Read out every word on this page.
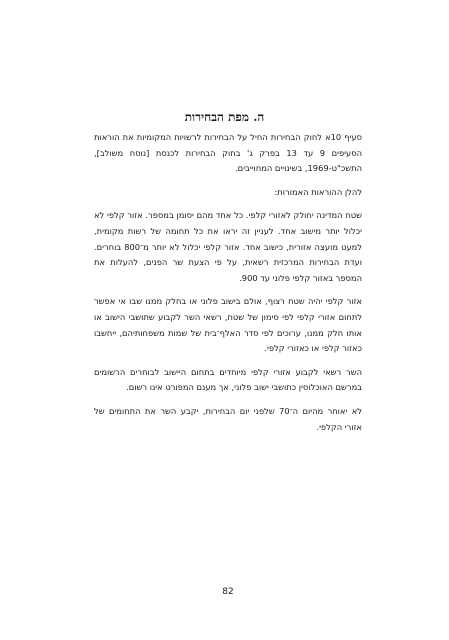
ה. מפת הבחירות

סעיף 10א לחוק הבחירות החיל על הבחירות לרשויות המקומיות את הוראות הסעיפים 9 עד 13 בפרק ג' בחוק הבחירות לכנסת [נוסח משולב], התשכ"ט-1969, בשינויים המחוייבים.

להלן ההוראות האמורות:

שטח המדינה יחולק לאזורי קלפי. כל אחד מהם יסומן במספר. אזור קלפי לא יכלול יותר מישוב אחד. לעניין זה יראו את כל תחומה של רשות מקומית, למעט מועצה אזורית, כישוב אחד. אזור קלפי יכלול לא יותר מ־800 בוחרים. ועדת הבחירות המרכזית רשאית, על פי הצעת שר הפנים, להעלות את המספר באזור קלפי פלוני עד 900.

אזור קלפי יהיה שטח רצוף, אולם בישוב פלוני או בחלק ממנו שבו אי אפשר לתחום אזורי קלפי לפי סימון של שטח, רשאי השר לקבוע שתושבי הישוב או אותו חלק ממנו, ערוכים לפי סדר האלף־בית של שמות משפחותיהם, ייחשבו כאזור קלפי או כאזורי קלפי.

השר רשאי לקבוע אזורי קלפי מיוחדים בתחום היישוב לבוחרים הרשומים במרשם האוכלוסין כתושבי ישוב פלוני, אך מענם המפורט אינו רשום.

לא יאוחר מהיום ה־70 שלפני יום הבחירות, יקבע השר את התחומים של אזורי הקלפי.

82
